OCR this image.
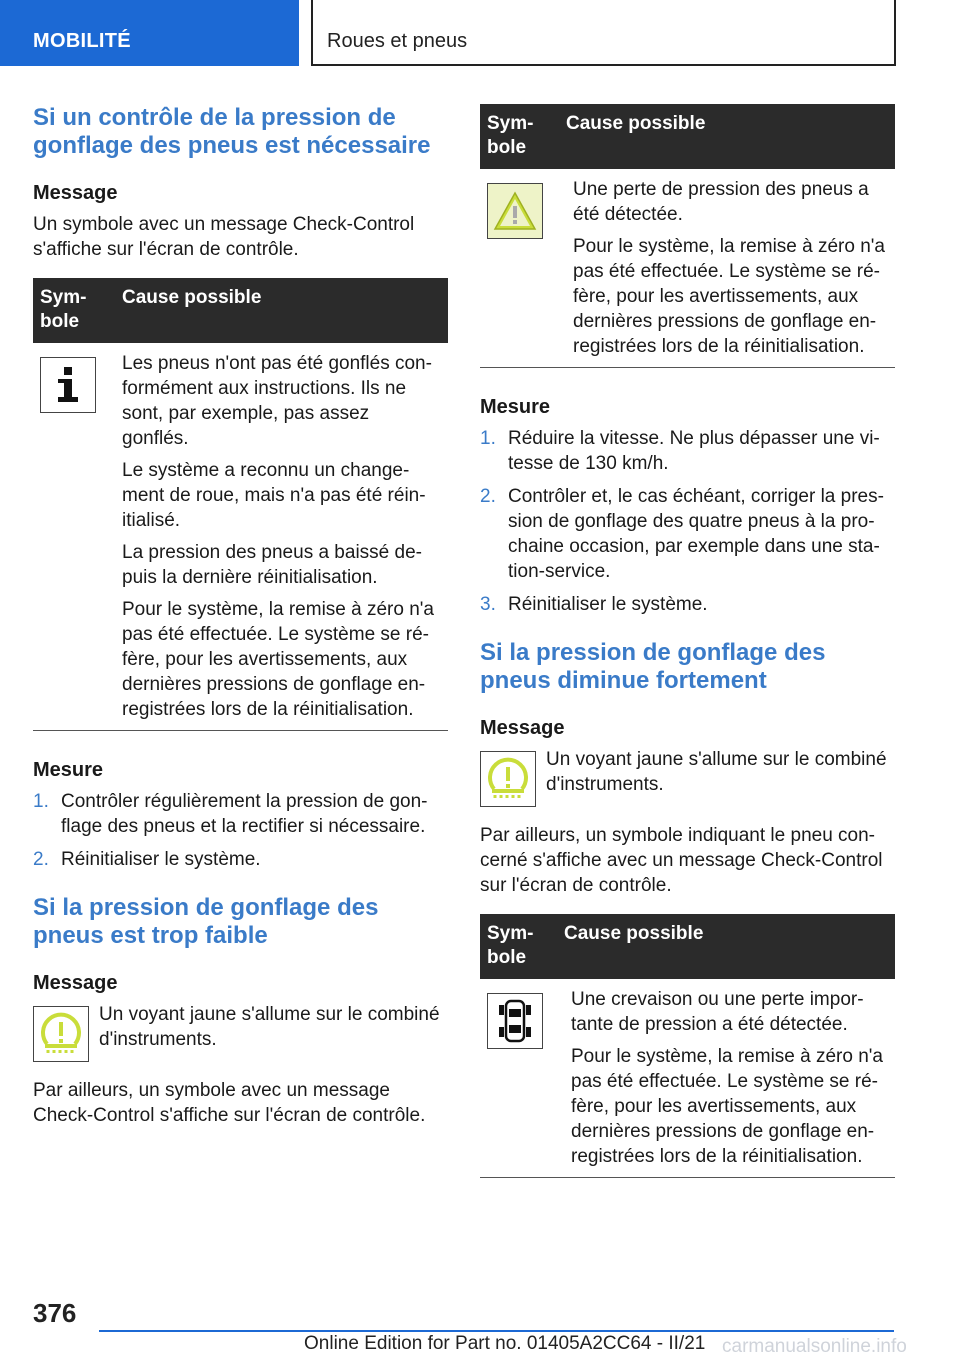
MOBILITÉ	Roues et pneus
Si un contrôle de la pression de gonflage des pneus est nécessaire
Message

Un symbole avec un message Check-Control s'affiche sur l'écran de contrôle.

Sym-bole
Cause possible

Les pneus n'ont pas été gonflés con-formément aux instructions. Ils ne sont, par exemple, pas assez gonflés.

Le système a reconnu un change-ment de roue, mais n'a pas été réin-itialisé.

La pression des pneus a baissé de-puis la dernière réinitialisation.

Pour le système, la remise à zéro n'a pas été effectuée. Le système se ré-fère, pour les avertissements, aux dernières pressions de gonflage en-registrées lors de la réinitialisation.

Mesure
1. Contrôler régulièrement la pression de gon-flage des pneus et la rectifier si nécessaire.
2. Réinitialiser le système.
Si la pression de gonflage des pneus est trop faible
Message
Un voyant jaune s'allume sur le combiné d'instruments.

Par ailleurs, un symbole avec un message Check-Control s'affiche sur l'écran de contrôle.

Sym-bole
Cause possible

Une perte de pression des pneus a été détectée.

Pour le système, la remise à zéro n'a pas été effectuée. Le système se ré-fère, pour les avertissements, aux dernières pressions de gonflage en-registrées lors de la réinitialisation.

Mesure
1. Réduire la vitesse. Ne plus dépasser une vi-tesse de 130 km/h.
2. Contrôler et, le cas échéant, corriger la pres-sion de gonflage des quatre pneus à la pro-chaine occasion, par exemple dans une sta-tion-service.
3. Réinitialiser le système.
Si la pression de gonflage des pneus diminue fortement
Message
Un voyant jaune s'allume sur le combiné d'instruments.

Par ailleurs, un symbole indiquant le pneu con-cerné s'affiche avec un message Check-Control sur l'écran de contrôle.

Sym-bole
Cause possible

Une crevaison ou une perte impor-tante de pression a été détectée.

Pour le système, la remise à zéro n'a pas été effectuée. Le système se ré-fère, pour les avertissements, aux dernières pressions de gonflage en-registrées lors de la réinitialisation.

376
Online Edition for Part no. 01405A2CC64 - II/21 carmanualsonline.info
